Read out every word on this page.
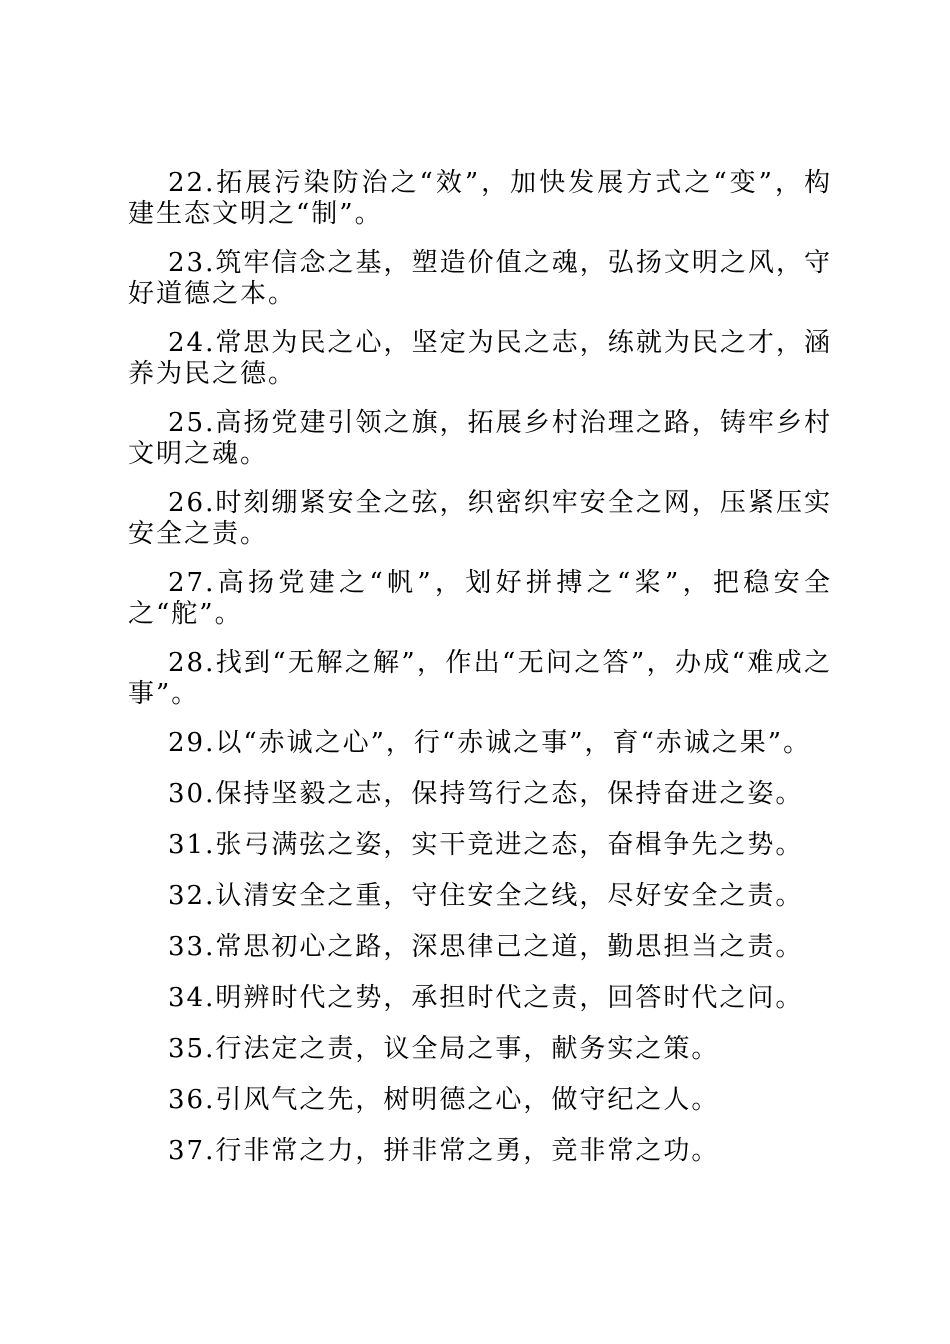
22.拓展污染防治之“效”，加快发展方式之“变”，构建生态文明之“制”。

23.筑牢信念之基，塑造价值之魂，弘扬文明之风，守好道德之本。

24.常思为民之心，坚定为民之志，练就为民之才，涵养为民之德。

25.高扬党建引领之旗，拓展乡村治理之路，铸牢乡村文明之魂。

26.时刻绷紧安全之弦，织密织牢安全之网，压紧压实安全之责。

27.高扬党建之“帆”，划好拼搏之“桨”，把稳安全之“舵”。

28.找到“无解之解”，作出“无问之答”，办成“难成之事”。

29.以“赤诚之心”，行“赤诚之事”，育“赤诚之果”。

30.保持坚毅之志，保持笃行之态，保持奋进之姿。

31.张弓满弦之姿，实干竞进之态，奋楫争先之势。

32.认清安全之重，守住安全之线，尽好安全之责。

33.常思初心之路，深思律己之道，勤思担当之责。

34.明辨时代之势，承担时代之责，回答时代之问。

35.行法定之责，议全局之事，献务实之策。

36.引风气之先，树明德之心，做守纪之人。

37.行非常之力，拼非常之勇，竞非常之功。
